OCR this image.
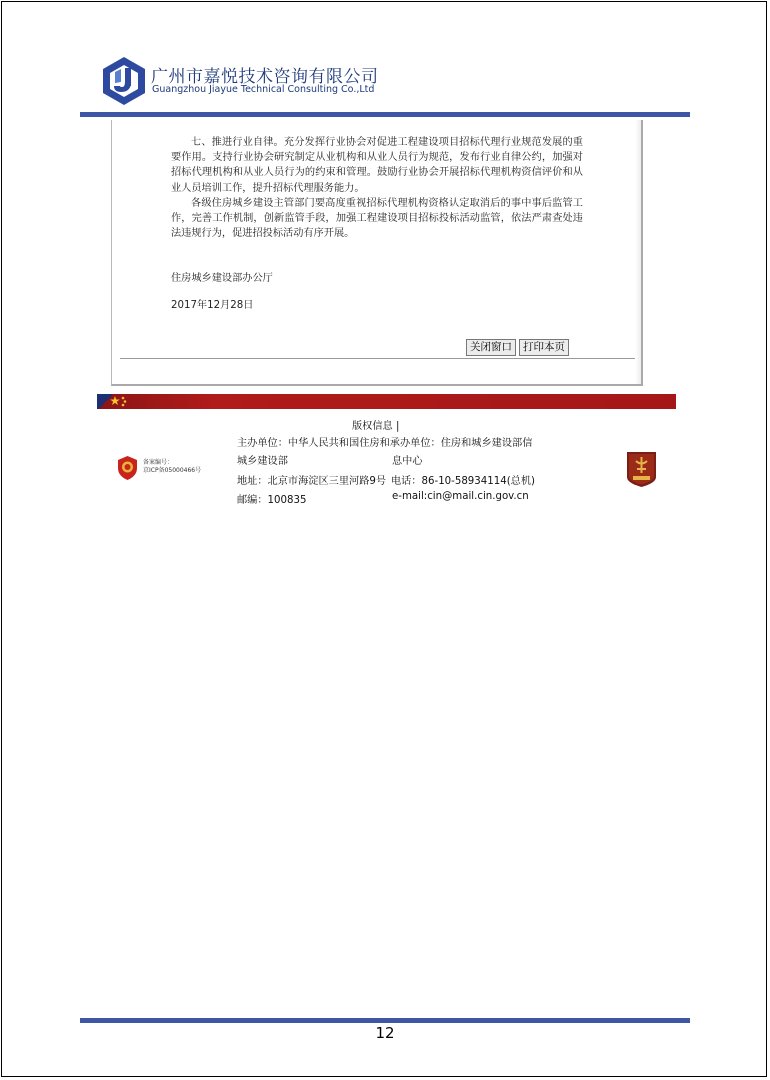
广州市嘉悦技术咨询有限公司
Guangzhou Jiayue Technical Consulting Co.,Ltd
七、推进行业自律。充分发挥行业协会对促进工程建设项目招标代理行业规范发展的重要作用。支持行业协会研究制定从业机构和从业人员行为规范，发布行业自律公约，加强对招标代理机构和从业人员行为的约束和管理。鼓励行业协会开展招标代理机构资信评价和从业人员培训工作，提升招标代理服务能力。
各级住房城乡建设主管部门要高度重视招标代理机构资格认定取消后的事中事后监管工作，完善工作机制，创新监管手段，加强工程建设项目招标投标活动监管，依法严肃查处违法违规行为，促进招投标活动有序开展。
住房城乡建设部办公厅
2017年12月28日
关闭窗口	打印本页
版权信息 |
主办单位：中华人民共和国住房和承办单位：住房和城乡建设部信
城乡建设部	息中心
地址：北京市海淀区三里河路9号 电话：86-10-58934114(总机)
邮编：100835	e-mail:cin@mail.cin.gov.cn
备案编号：
京ICP备05000466号
12
